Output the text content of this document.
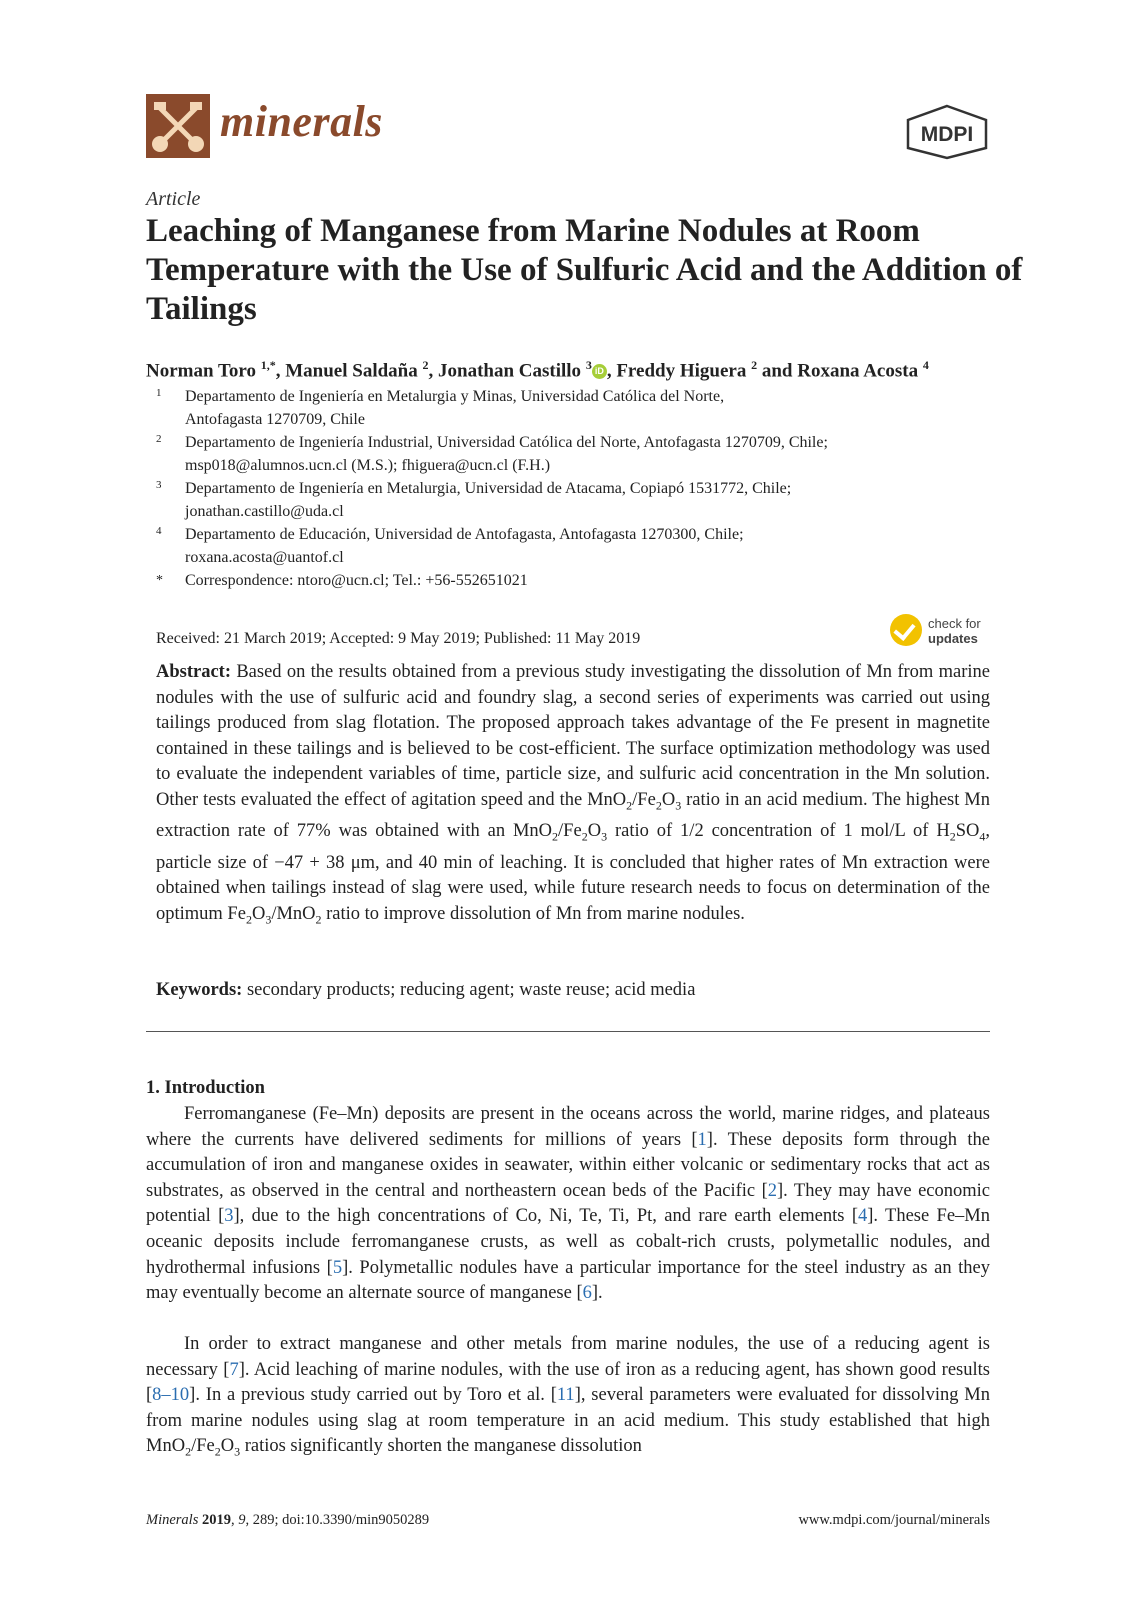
minerals	MDPI
Article
Leaching of Manganese from Marine Nodules at Room Temperature with the Use of Sulfuric Acid and the Addition of Tailings
Norman Toro $^{1,*}$, Manuel Saldaña $^2$, Jonathan Castillo $^3$ iD , Freddy Higuera $^2$ and Roxana Acosta $^4$
1 Departamento de Ingeniería en Metalurgia y Minas, Universidad Católica del Norte,
Antofagasta 1270709, Chile
2 Departamento de Ingeniería Industrial, Universidad Católica del Norte, Antofagasta 1270709, Chile;
msp018@alumnos.ucn.cl (M.S.); fhiguera@ucn.cl (F.H.)
3 Departamento de Ingeniería en Metalurgia, Universidad de Atacama, Copiapó 1531772, Chile;
jonathan.castillo@uda.cl
4 Departamento de Educación, Universidad de Antofagasta, Antofagasta 1270300, Chile;
roxana.acosta@uantof.cl
* Correspondence: ntoro@ucn.cl; Tel.: +56-552651021
Received: 21 March 2019; Accepted: 9 May 2019; Published: 11 May 2019
check for
updates
Abstract: Based on the results obtained from a previous study investigating the dissolution of Mn from marine nodules with the use of sulfuric acid and foundry slag, a second series of experiments was carried out using tailings produced from slag flotation. The proposed approach takes advantage of the Fe present in magnetite contained in these tailings and is believed to be cost-efficient. The surface optimization methodology was used to evaluate the independent variables of time, particle size, and sulfuric acid concentration in the Mn solution. Other tests evaluated the effect of agitation speed and the $MnO_2/Fe_2O_3$ ratio in an acid medium. The highest Mn extraction rate of 77% was obtained with an $MnO_2/Fe_2O_3$ ratio of 1/2 concentration of 1 mol/L of $H_2SO_4$, particle size of −47 + 38 μm, and 40 min of leaching. It is concluded that higher rates of Mn extraction were obtained when tailings instead of slag were used, while future research needs to focus on determination of the optimum $Fe_2O_3/MnO_2$ ratio to improve dissolution of Mn from marine nodules.
Keywords: secondary products; reducing agent; waste reuse; acid media
1. Introduction
Ferromanganese (Fe–Mn) deposits are present in the oceans across the world, marine ridges, and plateaus where the currents have delivered sediments for millions of years [1]. These deposits form through the accumulation of iron and manganese oxides in seawater, within either volcanic or sedimentary rocks that act as substrates, as observed in the central and northeastern ocean beds of the Pacific [2]. They may have economic potential [3], due to the high concentrations of Co, Ni, Te, Ti, Pt, and rare earth elements [4]. These Fe–Mn oceanic deposits include ferromanganese crusts, as well as cobalt-rich crusts, polymetallic nodules, and hydrothermal infusions [5]. Polymetallic nodules have a particular importance for the steel industry as an they may eventually become an alternate source of manganese [6].
In order to extract manganese and other metals from marine nodules, the use of a reducing agent is necessary [7]. Acid leaching of marine nodules, with the use of iron as a reducing agent, has shown good results [8–10]. In a previous study carried out by Toro et al. [11], several parameters were evaluated for dissolving Mn from marine nodules using slag at room temperature in an acid medium. This study established that high $MnO_2/Fe_2O_3$ ratios significantly shorten the manganese dissolution
Minerals 2019, 9, 289; doi:10.3390/min9050289	www.mdpi.com/journal/minerals
